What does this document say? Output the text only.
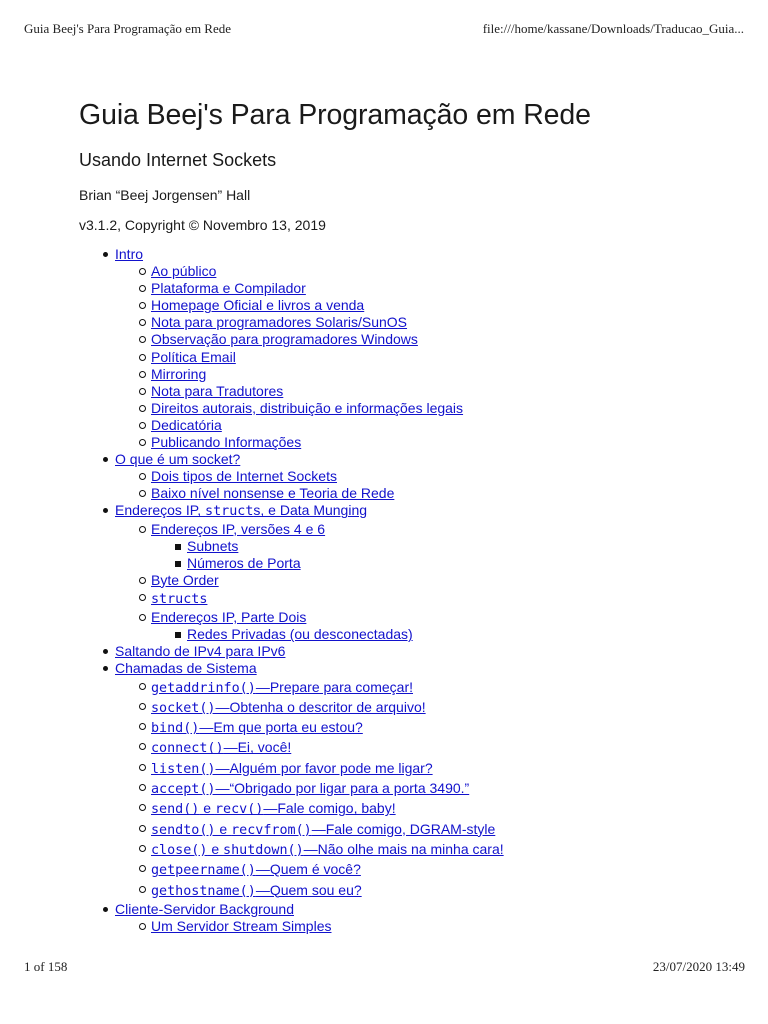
Guia Beej's Para Programação em Rede	file:///home/kassane/Downloads/Traducao_Guia...
Guia Beej's Para Programação em Rede
Usando Internet Sockets
Brian “Beej Jorgensen” Hall
v3.1.2, Copyright © Novembro 13, 2019
Intro
Ao público
Plataforma e Compilador
Homepage Oficial e livros a venda
Nota para programadores Solaris/SunOS
Observação para programadores Windows
Política Email
Mirroring
Nota para Tradutores
Direitos autorais, distribuição e informações legais
Dedicatória
Publicando Informações
O que é um socket?
Dois tipos de Internet Sockets
Baixo nível nonsense e Teoria de Rede
Endereços IP, structs, e Data Munging
Endereços IP, versões 4 e 6
Subnets
Números de Porta
Byte Order
structs
Endereços IP, Parte Dois
Redes Privadas (ou desconectadas)
Saltando de IPv4 para IPv6
Chamadas de Sistema
getaddrinfo()—Prepare para começar!
socket()—Obtenha o descritor de arquivo!
bind()—Em que porta eu estou?
connect()—Ei, você!
listen()—Alguém por favor pode me ligar?
accept()—“Obrigado por ligar para a porta 3490.”
send() e recv()—Fale comigo, baby!
sendto() e recvfrom()—Fale comigo, DGRAM-style
close() e shutdown()—Não olhe mais na minha cara!
getpeername()—Quem é você?
gethostname()—Quem sou eu?
Cliente-Servidor Background
Um Servidor Stream Simples
1 of 158	23/07/2020 13:49
